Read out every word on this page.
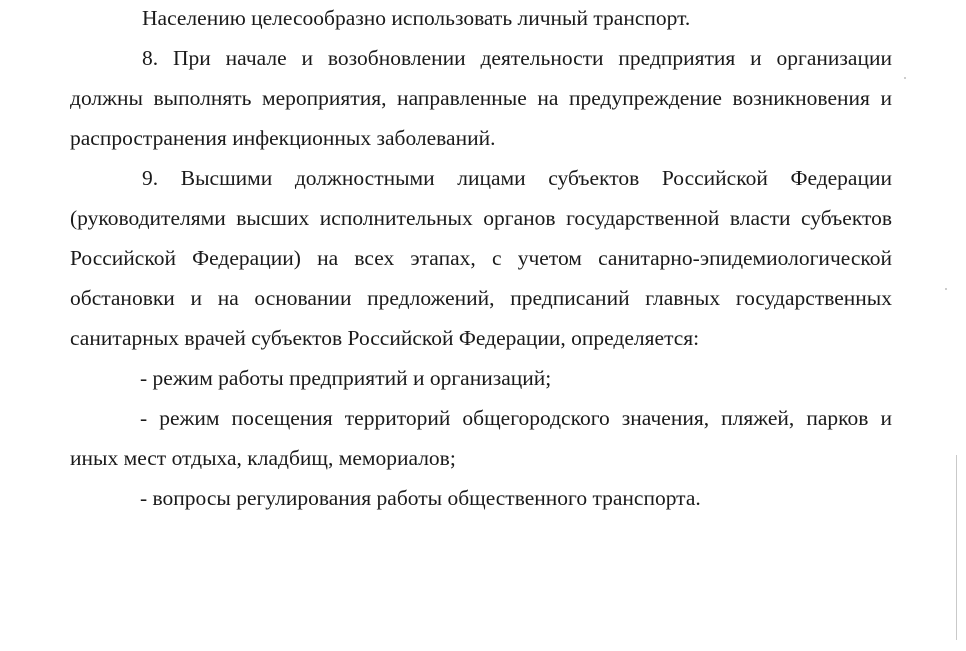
Населению целесообразно использовать личный транспорт.

8. При начале и возобновлении деятельности предприятия и организации должны выполнять мероприятия, направленные на предупреждение возникновения и распространения инфекционных заболеваний.

9. Высшими должностными лицами субъектов Российской Федерации (руководителями высших исполнительных органов государственной власти субъектов Российской Федерации) на всех этапах, с учетом санитарно-эпидемиологической обстановки и на основании предложений, предписаний главных государственных санитарных врачей субъектов Российской Федерации, определяется:

- режим работы предприятий и организаций;

- режим посещения территорий общегородского значения, пляжей, парков и иных мест отдыха, кладбищ, мемориалов;

- вопросы регулирования работы общественного транспорта.
